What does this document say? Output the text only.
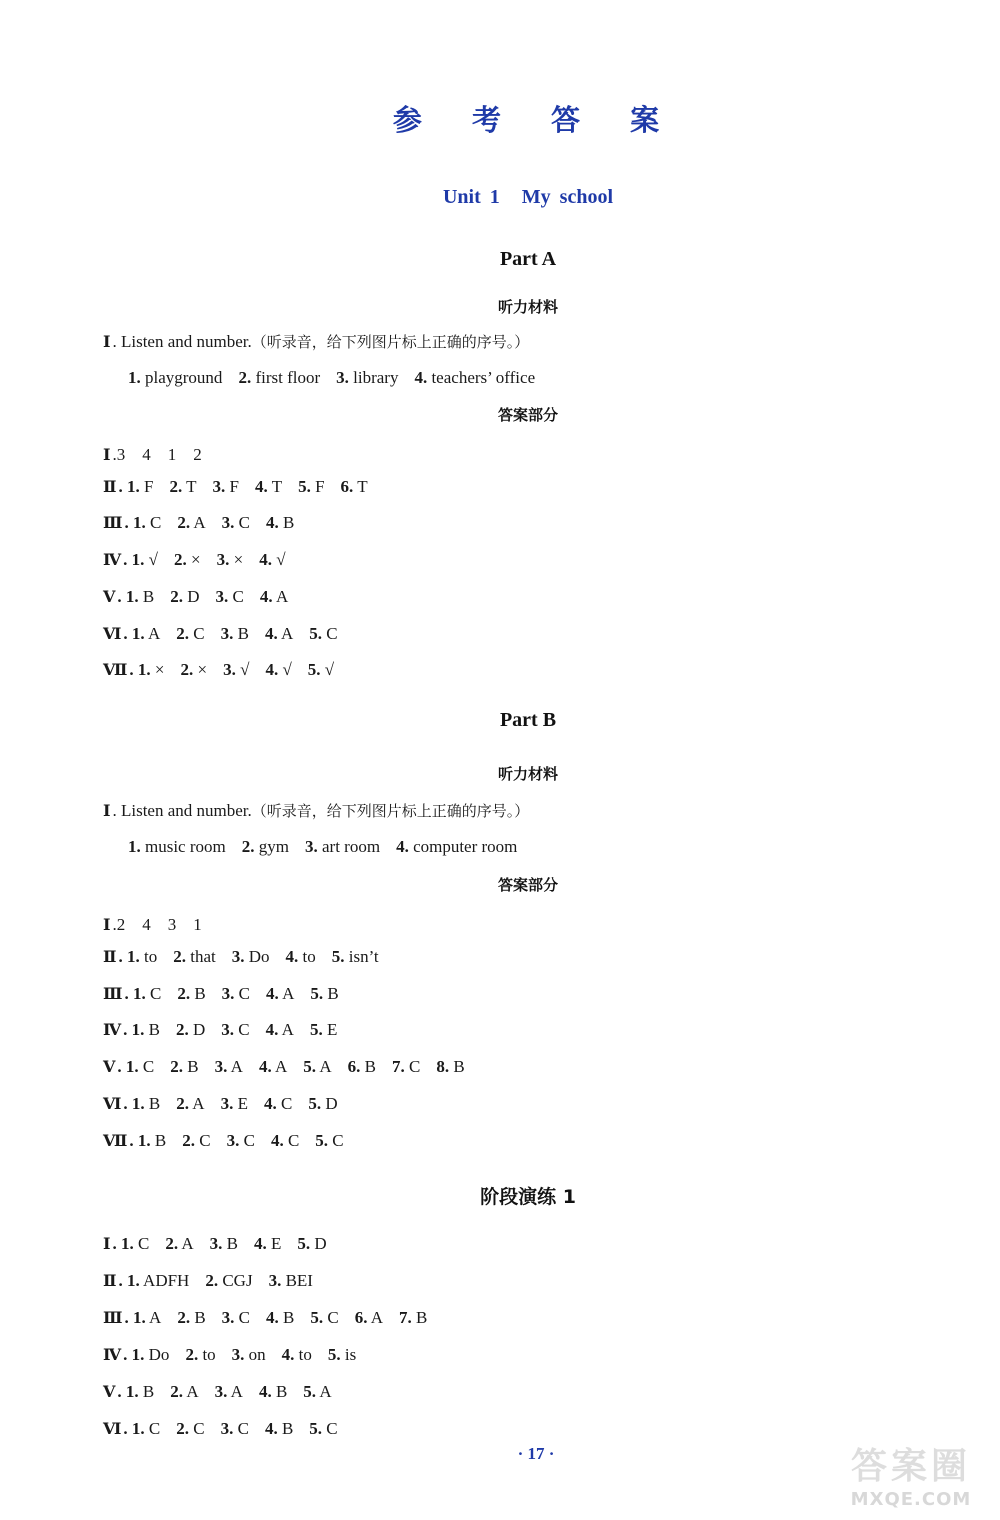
参 考 答 案
Unit 1 My school
Part A
听力材料
Ⅰ . Listen and number.（听录音，给下列图片标上正确的序号。）
1. playground 2. first floor 3. library 4. teachers’ office
答案部分
Ⅰ .3　4　1　2
Ⅱ . 1. F 2. T 3. F 4. T 5. F 6. T
Ⅲ . 1. C 2. A 3. C 4. B
Ⅳ . 1. √ 2. × 3. × 4. √
Ⅴ . 1. B 2. D 3. C 4. A
Ⅵ . 1. A 2. C 3. B 4. A 5. C
Ⅶ . 1. × 2. × 3. √ 4. √ 5. √
Part B
听力材料
Ⅰ . Listen and number.（听录音，给下列图片标上正确的序号。）
1. music room 2. gym 3. art room 4. computer room
答案部分
Ⅰ .2　4　3　1
Ⅱ . 1. to 2. that 3. Do 4. to 5. isn’t
Ⅲ . 1. C 2. B 3. C 4. A 5. B
Ⅳ . 1. B 2. D 3. C 4. A 5. E
Ⅴ . 1. C 2. B 3. A 4. A 5. A 6. B 7. C 8. B
Ⅵ . 1. B 2. A 3. E 4. C 5. D
Ⅶ . 1. B 2. C 3. C 4. C 5. C
阶段演练 1
Ⅰ . 1. C 2. A 3. B 4. E 5. D
Ⅱ . 1. ADFH 2. CGJ 3. BEI
Ⅲ . 1. A 2. B 3. C 4. B 5. C 6. A 7. B
Ⅳ . 1. Do 2. to 3. on 4. to 5. is
Ⅴ . 1. B 2. A 3. A 4. B 5. A
Ⅵ . 1. C 2. C 3. C 4. B 5. C
· 17 ·	答案圈
MXQE.COM
